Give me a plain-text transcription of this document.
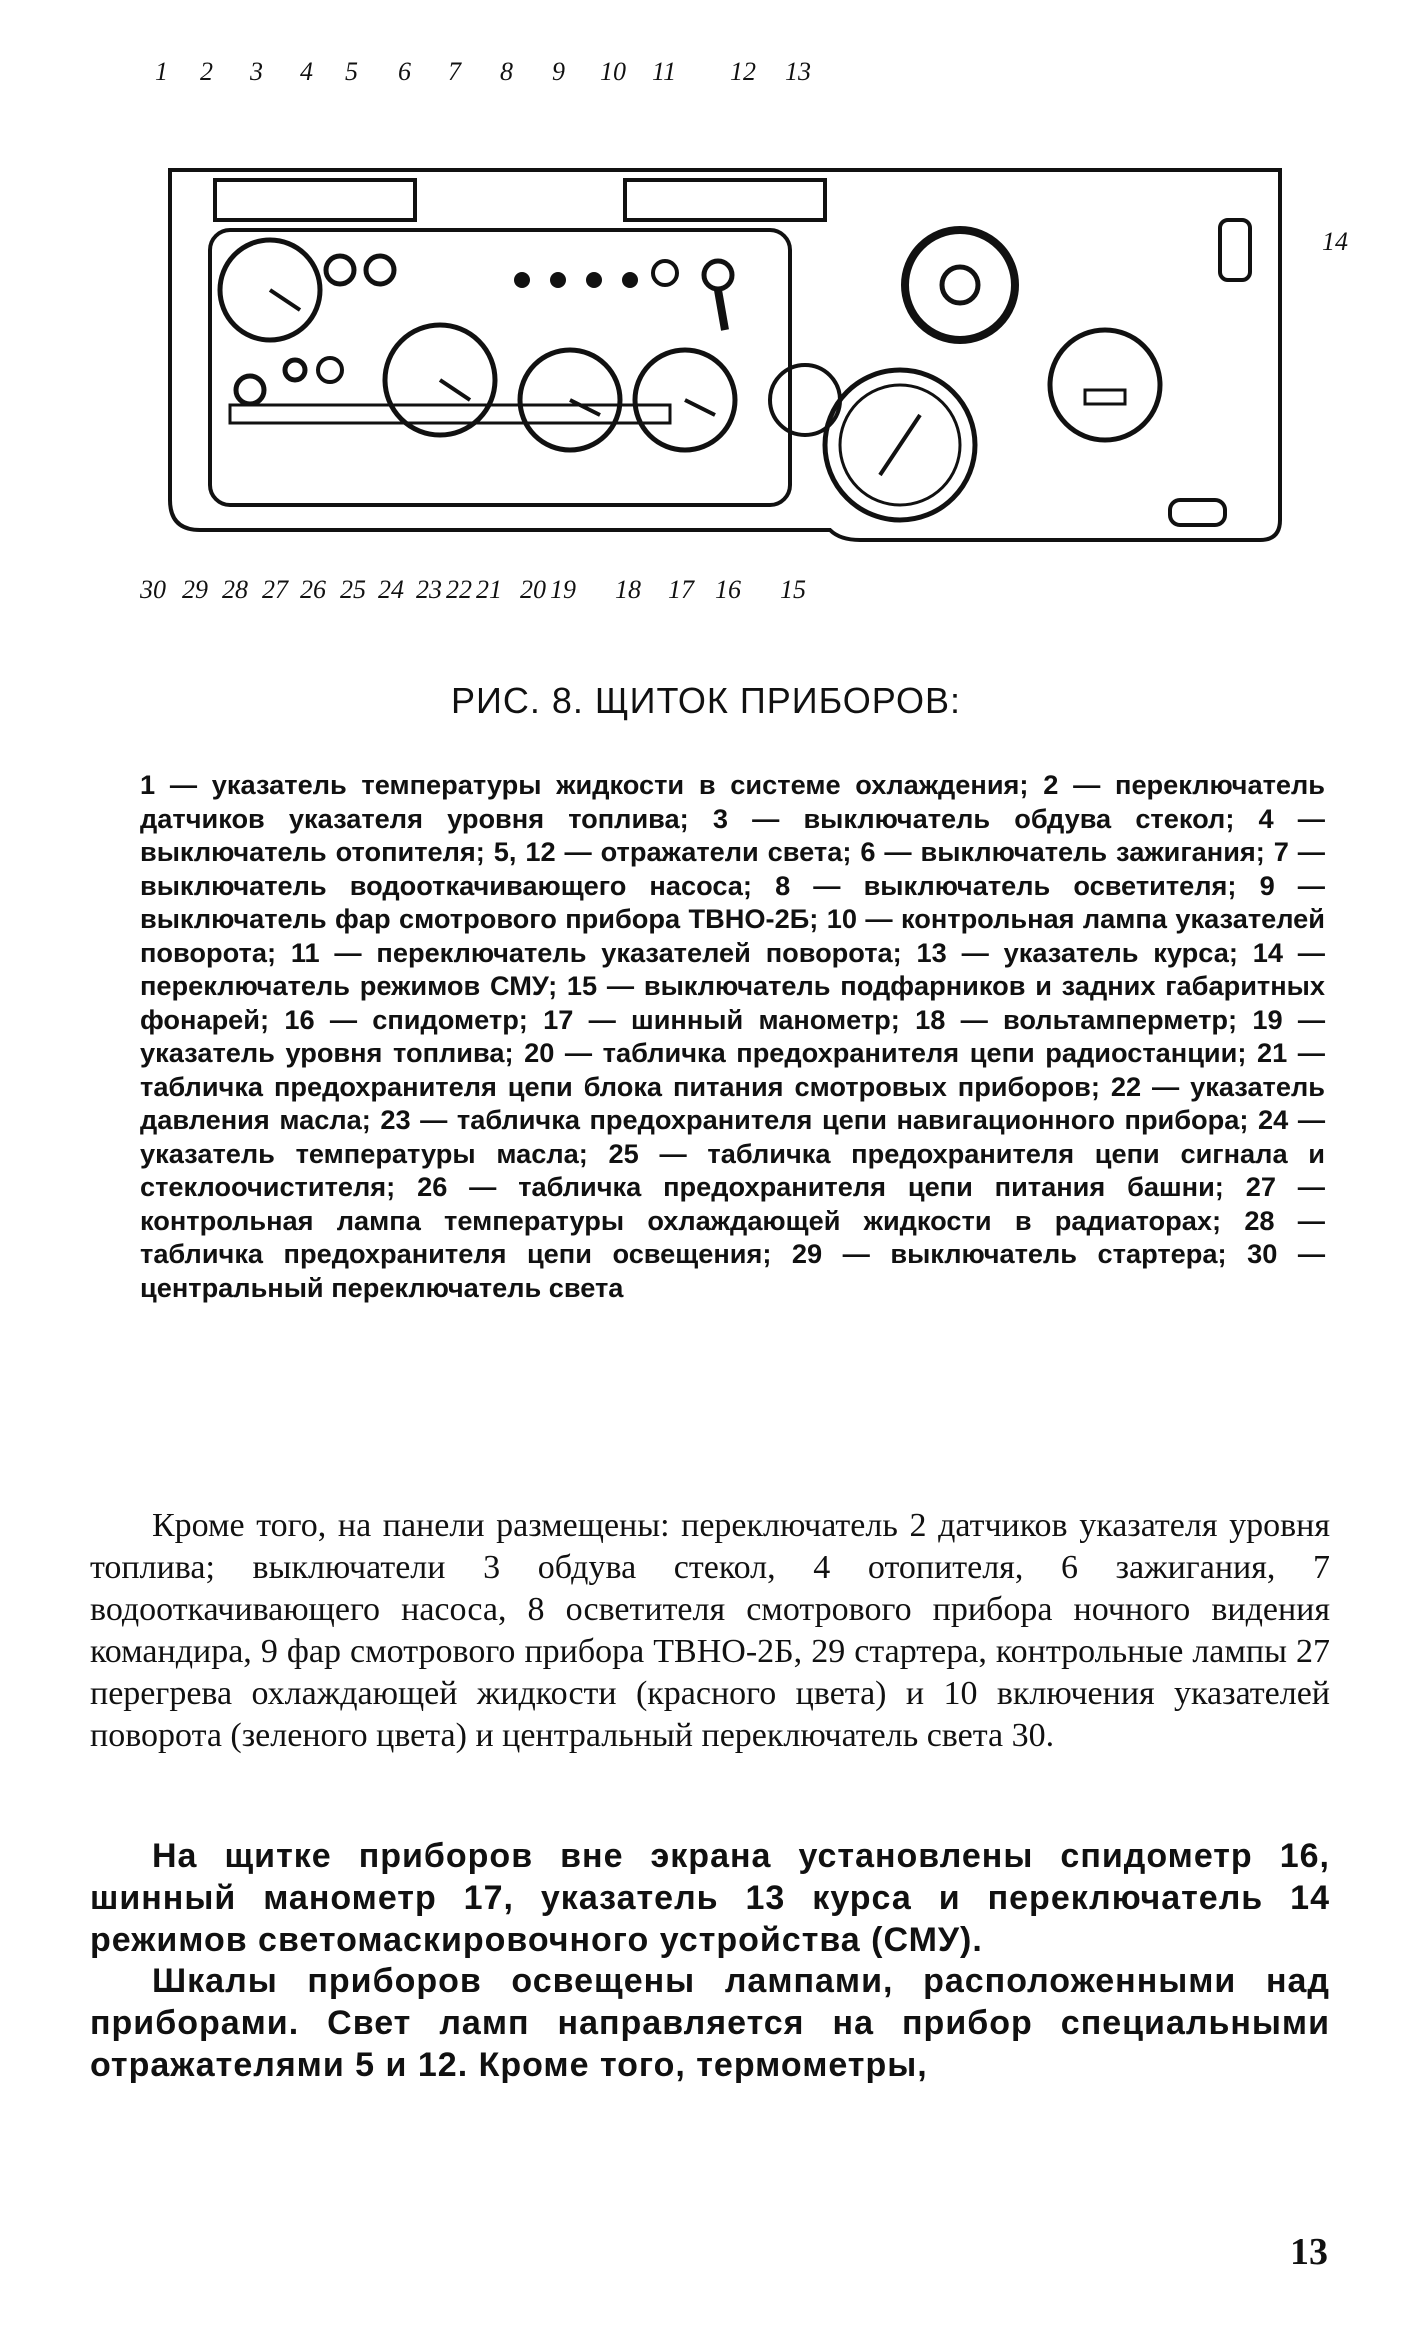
1 2 3 4 5 6 7 8 9 10 11 12 13
14
30 29 28 27 26 25 24 23 22 21 20 19 18 17 16 15
РИС. 8. ЩИТОК ПРИБОРОВ:
1 — указатель температуры жидкости в системе охлаждения; 2 — переключатель датчиков указателя уровня топлива; 3 — выключатель обдува стекол; 4 — выключатель отопителя; 5, 12 — отражатели света; 6 — выключатель зажигания; 7 — выключатель водооткачивающего насоса; 8 — выключатель осветителя; 9 — выключатель фар смотрового прибора ТВНО-2Б; 10 — контрольная лампа указателей поворота; 11 — переключатель указателей поворота; 13 — указатель курса; 14 — переключатель режимов СМУ; 15 — выключатель подфарников и задних габаритных фонарей; 16 — спидометр; 17 — шинный манометр; 18 — вольтамперметр; 19 — указатель уровня топлива; 20 — табличка предохранителя цепи радиостанции; 21 — табличка предохранителя цепи блока питания смотровых приборов; 22 — указатель давления масла; 23 — табличка предохранителя цепи навигационного прибора; 24 — указатель температуры масла; 25 — табличка предохранителя цепи сигнала и стеклоочистителя; 26 — табличка предохранителя цепи питания башни; 27 — контрольная лампа температуры охлаждающей жидкости в радиаторах; 28 — табличка предохранителя цепи освещения; 29 — выключатель стартера; 30 — центральный переключатель света

Кроме того, на панели размещены: переключатель 2 датчиков указателя уровня топлива; выключатели 3 обдува стекол, 4 отопителя, 6 зажигания, 7 водооткачивающего насоса, 8 осветителя смотрового прибора ночного видения командира, 9 фар смотрового прибора ТВНО-2Б, 29 стартера, контрольные лампы 27 перегрева охлаждающей жидкости (красного цвета) и 10 включения указателей поворота (зеленого цвета) и центральный переключатель света 30.

На щитке приборов вне экрана установлены спидометр 16, шинный манометр 17, указатель 13 курса и переключатель 14 режимов светомаскировочного устройства (СМУ).

Шкалы приборов освещены лампами, расположенными над приборами. Свет ламп направляется на прибор специальными отражателями 5 и 12. Кроме того, термометры,

13
